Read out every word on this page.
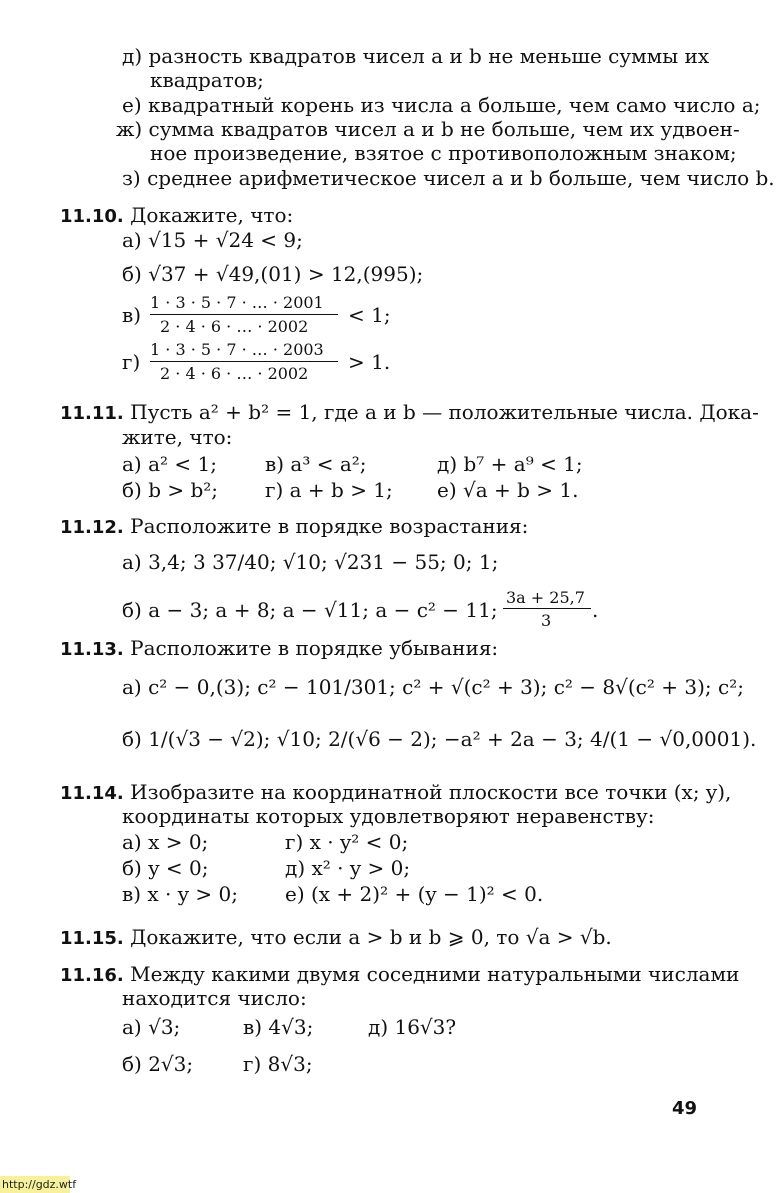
д) разность квадратов чисел a и b не меньше суммы их
квадратов;
е) квадратный корень из числа a больше, чем само число a;
ж) сумма квадратов чисел a и b не больше, чем их удвоен-
ное произведение, взятое с противоположным знаком;
з) среднее арифметическое чисел a и b больше, чем число b.
11.10. Докажите, что:
а) √15 + √24 < 9;
б) √37 + √49,(01) > 12,(995);
в)
1 · 3 · 5 · 7 · … · 2001
2 · 4 · 6 · … · 2002 < 1;
г)
1 · 3 · 5 · 7 · … · 2003
2 · 4 · 6 · … · 2002 > 1.
11.11. Пусть a² + b² = 1, где a и b — положительные числа. Дока-
жите, что:
а) a² < 1; в) a³ < a²;	д) b⁷ + a⁹ < 1;
б) b > b²; г) a + b > 1; е) √a + b > 1.
11.12. Расположите в порядке возрастания:
а) 3,4; 3 37/40; √10; √231 − 55; 0; 1;
б) a − 3; a + 8; a − √11; a − c² − 11;
3a + 25,7
3 .
11.13. Расположите в порядке убывания:
а) c² − 0,(3); c² − 101/301; c² + √(c² + 3); c² − 8√(c² + 3); c²;
б) 1/(√3 − √2); √10; 2/(√6 − 2); −a² + 2a − 3; 4/(1 − √0,0001).
11.14. Изобразите на координатной плоскости все точки (x; y),
координаты которых удовлетворяют неравенству:
а) x > 0;	г) x · y² < 0;
б) y < 0;	д) x² · y > 0;
в) x · y > 0; е) (x + 2)² + (y − 1)² < 0.
11.15. Докажите, что если a > b и b ⩾ 0, то √a > √b.
11.16. Между какими двумя соседними натуральными числами
находится число:
а) √3;	в) 4√3;	д) 16√3?
б) 2√3; г) 8√3;
49
http://gdz.wtf
